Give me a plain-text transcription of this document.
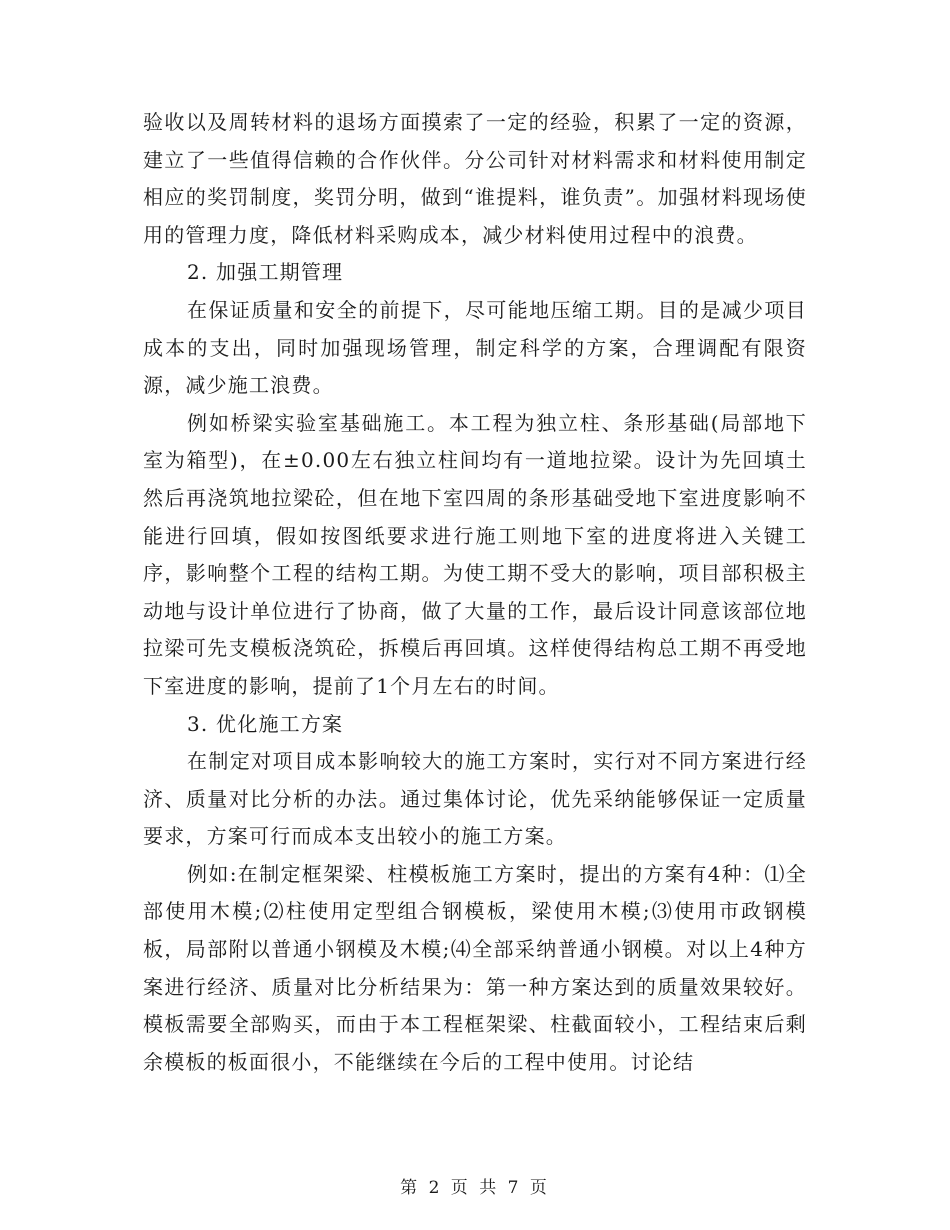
验收以及周转材料的退场方面摸索了一定的经验，积累了一定的资源，建立了一些值得信赖的合作伙伴。分公司针对材料需求和材料使用制定相应的奖罚制度，奖罚分明，做到“谁提料，谁负责”。加强材料现场使用的管理力度，降低材料采购成本，减少材料使用过程中的浪费。

2. 加强工期管理

在保证质量和安全的前提下，尽可能地压缩工期。目的是减少项目成本的支出，同时加强现场管理，制定科学的方案，合理调配有限资源，减少施工浪费。

例如桥梁实验室基础施工。本工程为独立柱、条形基础(局部地下室为箱型)，在±0.00左右独立柱间均有一道地拉梁。设计为先回填土然后再浇筑地拉梁砼，但在地下室四周的条形基础受地下室进度影响不能进行回填，假如按图纸要求进行施工则地下室的进度将进入关键工序，影响整个工程的结构工期。为使工期不受大的影响，项目部积极主动地与设计单位进行了协商，做了大量的工作，最后设计同意该部位地拉梁可先支模板浇筑砼，拆模后再回填。这样使得结构总工期不再受地下室进度的影响，提前了1个月左右的时间。

3. 优化施工方案

在制定对项目成本影响较大的施工方案时，实行对不同方案进行经济、质量对比分析的办法。通过集体讨论，优先采纳能够保证一定质量要求，方案可行而成本支出较小的施工方案。

例如:在制定框架梁、柱模板施工方案时，提出的方案有4种：⑴全部使用木模;⑵柱使用定型组合钢模板，梁使用木模;⑶使用市政钢模板，局部附以普通小钢模及木模;⑷全部采纳普通小钢模。对以上4种方案进行经济、质量对比分析结果为：第一种方案达到的质量效果较好。模板需要全部购买，而由于本工程框架梁、柱截面较小，工程结束后剩余模板的板面很小，不能继续在今后的工程中使用。讨论结

第 2 页 共 7 页
